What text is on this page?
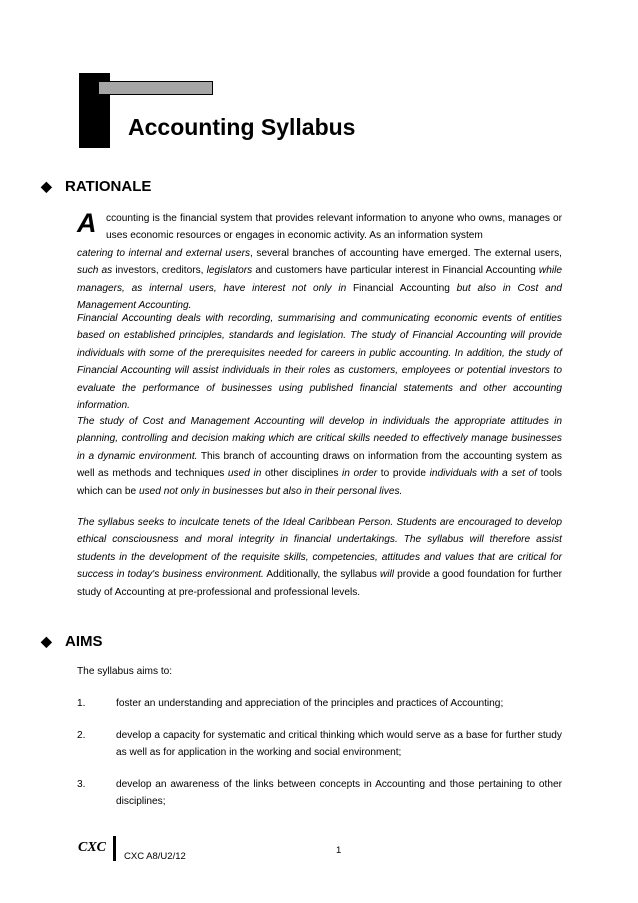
Accounting Syllabus
◆ RATIONALE
A ccounting is the financial system that provides relevant information to anyone who owns, manages or uses economic resources or engages in economic activity. As an information system
catering to internal and external users, several branches of accounting have emerged. The external users, such as investors, creditors, legislators and customers have particular interest in Financial Accounting while managers, as internal users, have interest not only in Financial Accounting but also in Cost and Management Accounting.
Financial Accounting deals with recording, summarising and communicating economic events of entities based on established principles, standards and legislation. The study of Financial Accounting will provide individuals with some of the prerequisites needed for careers in public accounting. In addition, the study of Financial Accounting will assist individuals in their roles as customers, employees or potential investors to evaluate the performance of businesses using published financial statements and other accounting information.
The study of Cost and Management Accounting will develop in individuals the appropriate attitudes in planning, controlling and decision making which are critical skills needed to effectively manage businesses in a dynamic environment. This branch of accounting draws on information from the accounting system as well as methods and techniques used in other disciplines in order to provide individuals with a set of tools which can be used not only in businesses but also in their personal lives.
The syllabus seeks to inculcate tenets of the Ideal Caribbean Person. Students are encouraged to develop ethical consciousness and moral integrity in financial undertakings. The syllabus will therefore assist students in the development of the requisite skills, competencies, attitudes and values that are critical for success in today's business environment. Additionally, the syllabus will provide a good foundation for further study of Accounting at pre-professional and professional levels.
◆ AIMS
The syllabus aims to:
1.	foster an understanding and appreciation of the principles and practices of Accounting;
2.	develop a capacity for systematic and critical thinking which would serve as a base for further study as well as for application in the working and social environment;
3.	develop an awareness of the links between concepts in Accounting and those pertaining to other disciplines;
CXC
CXC A8/U2/12
1
